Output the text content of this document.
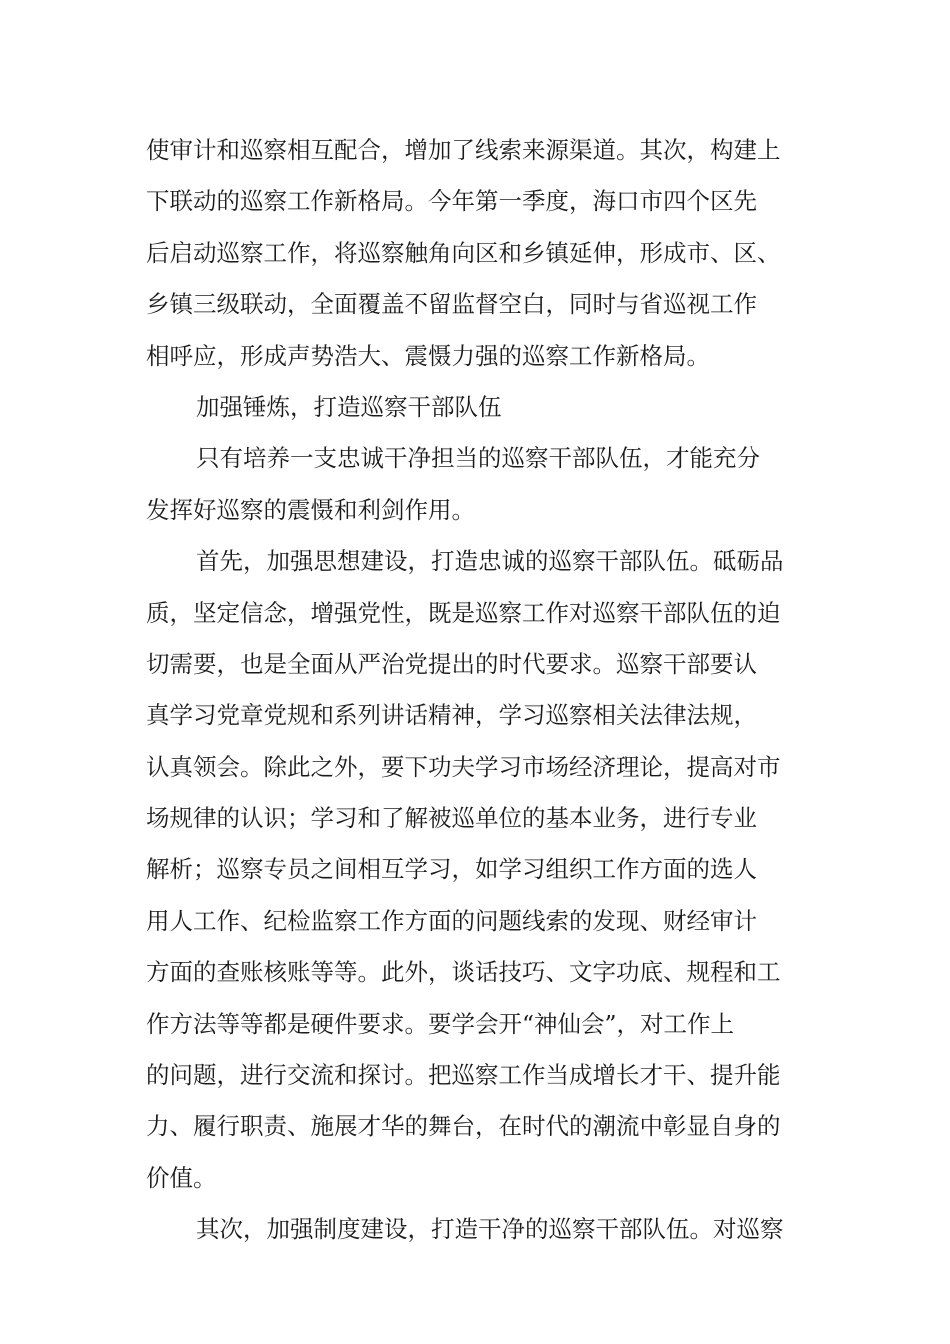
使审计和巡察相互配合，增加了线索来源渠道。其次，构建上
下联动的巡察工作新格局。今年第一季度，海口市四个区先
后启动巡察工作，将巡察触角向区和乡镇延伸，形成市、区、
乡镇三级联动，全面覆盖不留监督空白，同时与省巡视工作
相呼应，形成声势浩大、震慑力强的巡察工作新格局。
加强锤炼，打造巡察干部队伍
只有培养一支忠诚干净担当的巡察干部队伍，才能充分
发挥好巡察的震慑和利剑作用。
首先，加强思想建设，打造忠诚的巡察干部队伍。砥砺品
质，坚定信念，增强党性，既是巡察工作对巡察干部队伍的迫
切需要，也是全面从严治党提出的时代要求。巡察干部要认
真学习党章党规和系列讲话精神，学习巡察相关法律法规，
认真领会。除此之外，要下功夫学习市场经济理论，提高对市
场规律的认识；学习和了解被巡单位的基本业务，进行专业
解析；巡察专员之间相互学习，如学习组织工作方面的选人
用人工作、纪检监察工作方面的问题线索的发现、财经审计
方面的查账核账等等。此外，谈话技巧、文字功底、规程和工
作方法等等都是硬件要求。要学会开“神仙会”，对工作上
的问题，进行交流和探讨。把巡察工作当成增长才干、提升能
力、履行职责、施展才华的舞台，在时代的潮流中彰显自身的
价值。
其次，加强制度建设，打造干净的巡察干部队伍。对巡察
